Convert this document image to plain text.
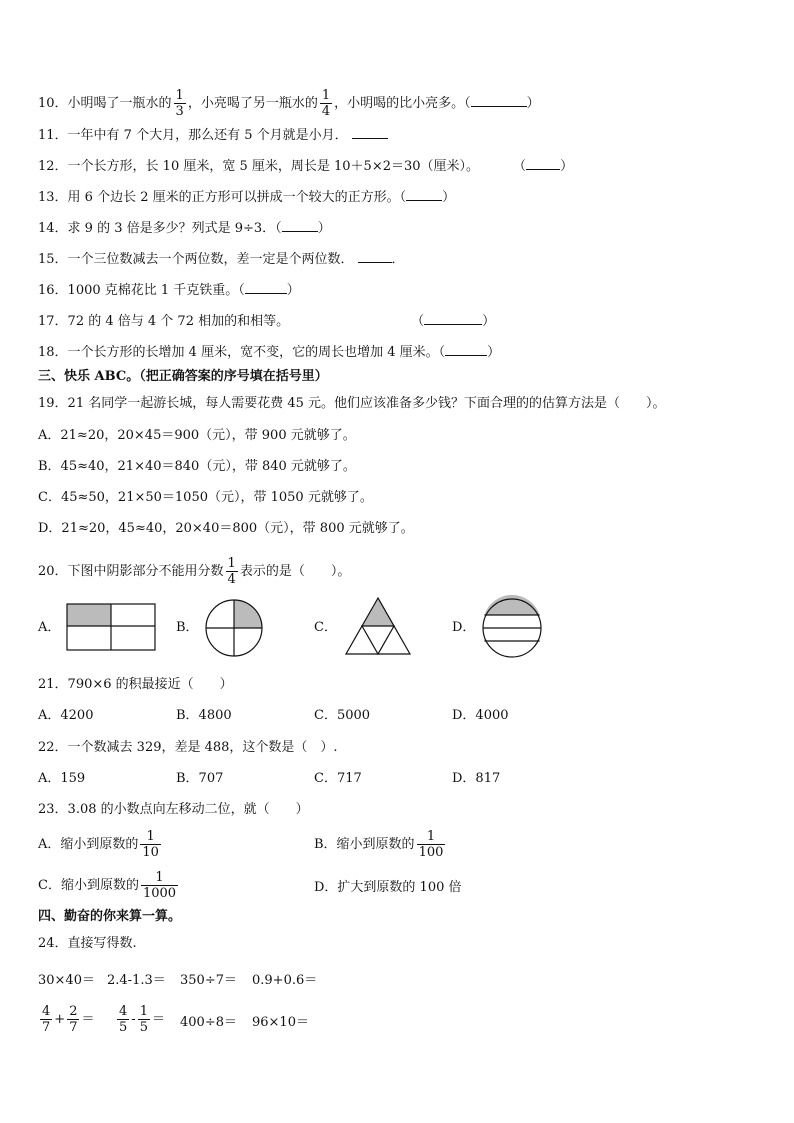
10．小明喝了一瓶水的 $\frac{1}{3}$ ，小亮喝了另一瓶水的 $\frac{1}{4}$ ，小明喝的比小亮多。（	）
11．一年中有 7 个大月，那么还有 5 个月就是小月．
12．一个长方形，长 10 厘米，宽 5 厘米，周长是 10＋5×2＝30（厘米）。	（	）
13．用 6 个边长 2 厘米的正方形可以拼成一个较大的正方形。（	）
14．求 9 的 3 倍是多少？列式是 9÷3．（	）
15．一个三位数减去一个两位数，差一定是个两位数．	．
16．1000 克棉花比 1 千克铁重。（	）
17．72 的 4 倍与 4 个 72 相加的和相等。	（	）
18．一个长方形的长增加 4 厘米，宽不变，它的周长也增加 4 厘米。（	）
三、快乐 ABC。（把正确答案的序号填在括号里）
19．21 名同学一起游长城，每人需要花费 45 元。他们应该准备多少钱？下面合理的的估算方法是（　　）。
A．21≈20，20×45＝900（元），带 900 元就够了。
B．45≈40，21×40＝840（元），带 840 元就够了。
C．45≈50，21×50＝1050（元），带 1050 元就够了。
D．21≈20，45≈40，20×40＝800（元），带 800 元就够了。
20．下图中阴影部分不能用分数 $\frac{1}{4}$ 表示的是（　　）。
A．	B．	C．	D．
21．790×6 的积最接近（　　）
A．4200	B．4800	C．5000	D．4000
22．一个数减去 329，差是 488，这个数是（　）.
A．159	B．707	C．717	D．817
23．3.08 的小数点向左移动二位，就（　　）
A．缩小到原数的 $\frac{1}{10}$	B．缩小到原数的 $\frac{1}{100}$
C．缩小到原数的 $\frac{1}{1000}$	D．扩大到原数的 100 倍
四、勤奋的你来算一算。
24．直接写得数.
30×40＝ 2.4-1.3＝ 350÷7＝ 0.9+0.6＝
$\frac{4}{7} + \frac{2}{7} = \frac{4}{5} - \frac{1}{5} = 400\div 8= 96\times 10=$
